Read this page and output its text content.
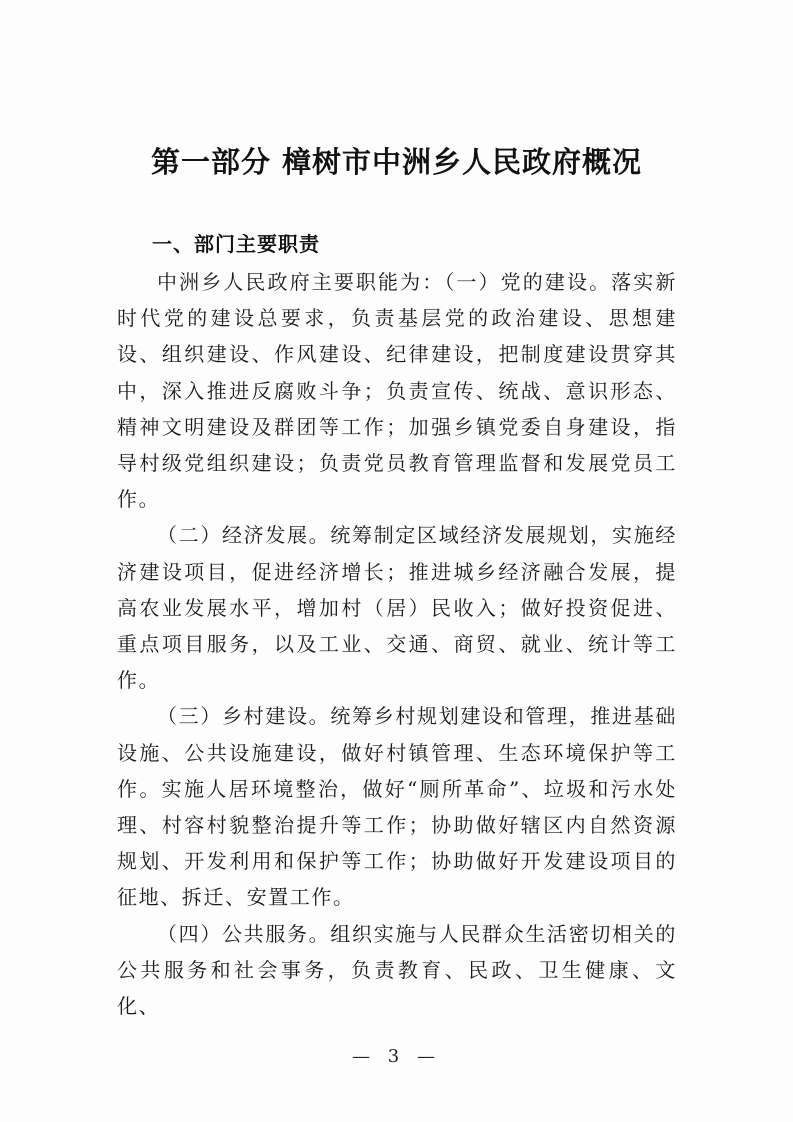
第一部分 樟树市中洲乡人民政府概况
一、部门主要职责

中洲乡人民政府主要职能为：（一）党的建设。落实新时代党的建设总要求，负责基层党的政治建设、思想建设、组织建设、作风建设、纪律建设，把制度建设贯穿其中，深入推进反腐败斗争；负责宣传、统战、意识形态、精神文明建设及群团等工作；加强乡镇党委自身建设，指导村级党组织建设；负责党员教育管理监督和发展党员工作。

（二）经济发展。统筹制定区域经济发展规划，实施经济建设项目，促进经济增长；推进城乡经济融合发展，提高农业发展水平，增加村（居）民收入；做好投资促进、重点项目服务，以及工业、交通、商贸、就业、统计等工作。

（三）乡村建设。统筹乡村规划建设和管理，推进基础设施、公共设施建设，做好村镇管理、生态环境保护等工作。实施人居环境整治，做好“厕所革命”、垃圾和污水处理、村容村貌整治提升等工作；协助做好辖区内自然资源规划、开发利用和保护等工作；协助做好开发建设项目的征地、拆迁、安置工作。

（四）公共服务。组织实施与人民群众生活密切相关的公共服务和社会事务，负责教育、民政、卫生健康、文化、

— 3 —
